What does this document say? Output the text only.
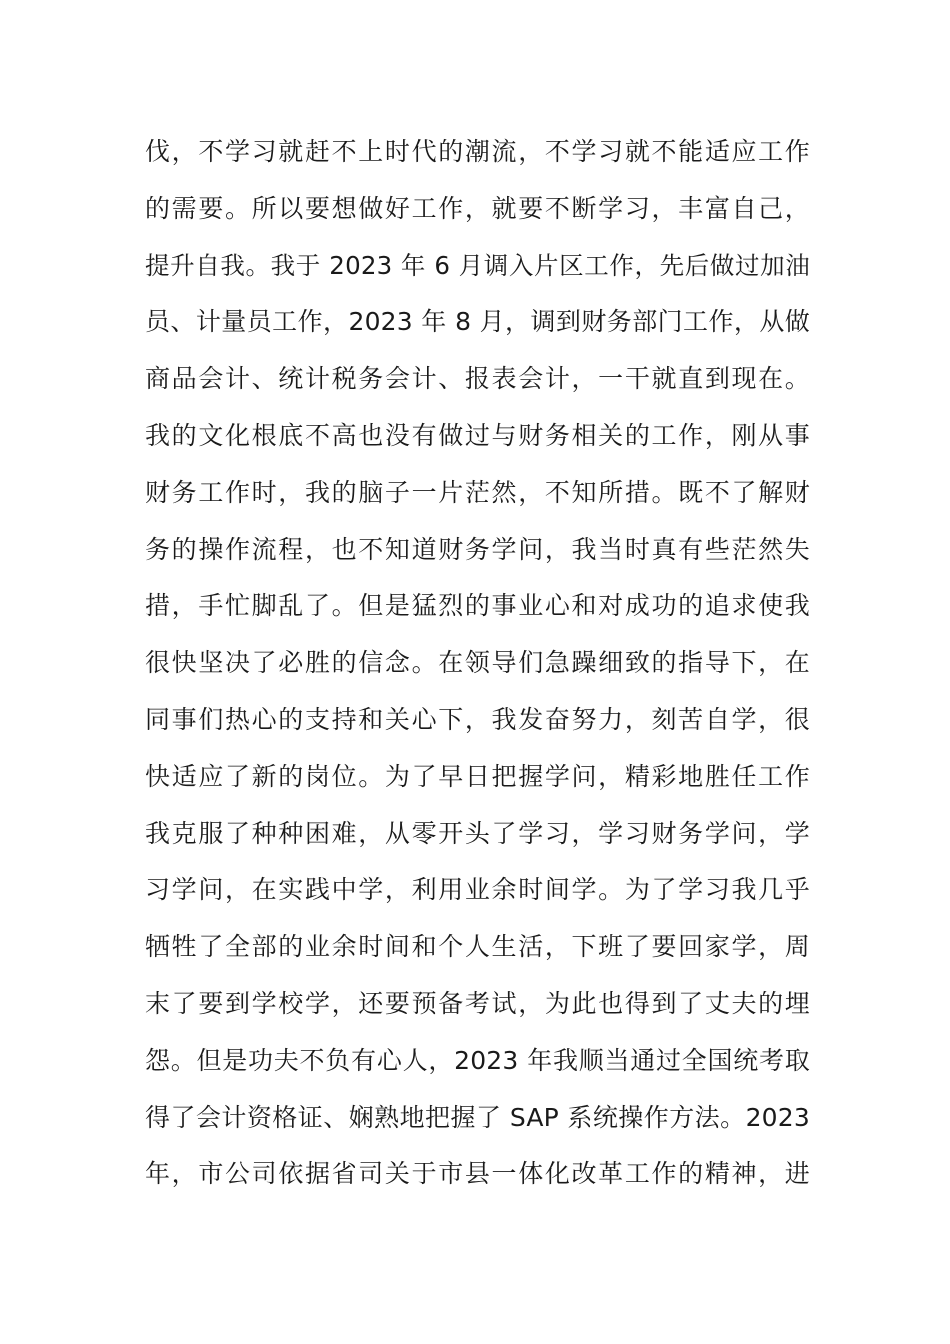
伐，不学习就赶不上时代的潮流，不学习就不能适应工作
的需要。所以要想做好工作，就要不断学习，丰富自己，
提升自我。我于 2023 年 6 月调入片区工作，先后做过加油
员、计量员工作，2023 年 8 月，调到财务部门工作，从做
商品会计、统计税务会计、报表会计，一干就直到现在。
我的文化根底不高也没有做过与财务相关的工作，刚从事
财务工作时，我的脑子一片茫然，不知所措。既不了解财
务的操作流程，也不知道财务学问，我当时真有些茫然失
措，手忙脚乱了。但是猛烈的事业心和对成功的追求使我
很快坚决了必胜的信念。在领导们急躁细致的指导下，在
同事们热心的支持和关心下，我发奋努力，刻苦自学，很
快适应了新的岗位。为了早日把握学问，精彩地胜任工作
我克服了种种困难，从零开头了学习，学习财务学问，学
习学问，在实践中学，利用业余时间学。为了学习我几乎
牺牲了全部的业余时间和个人生活，下班了要回家学，周
末了要到学校学，还要预备考试，为此也得到了丈夫的埋
怨。但是功夫不负有心人，2023 年我顺当通过全国统考取
得了会计资格证、娴熟地把握了 SAP 系统操作方法。2023
年，市公司依据省司关于市县一体化改革工作的精神，进
